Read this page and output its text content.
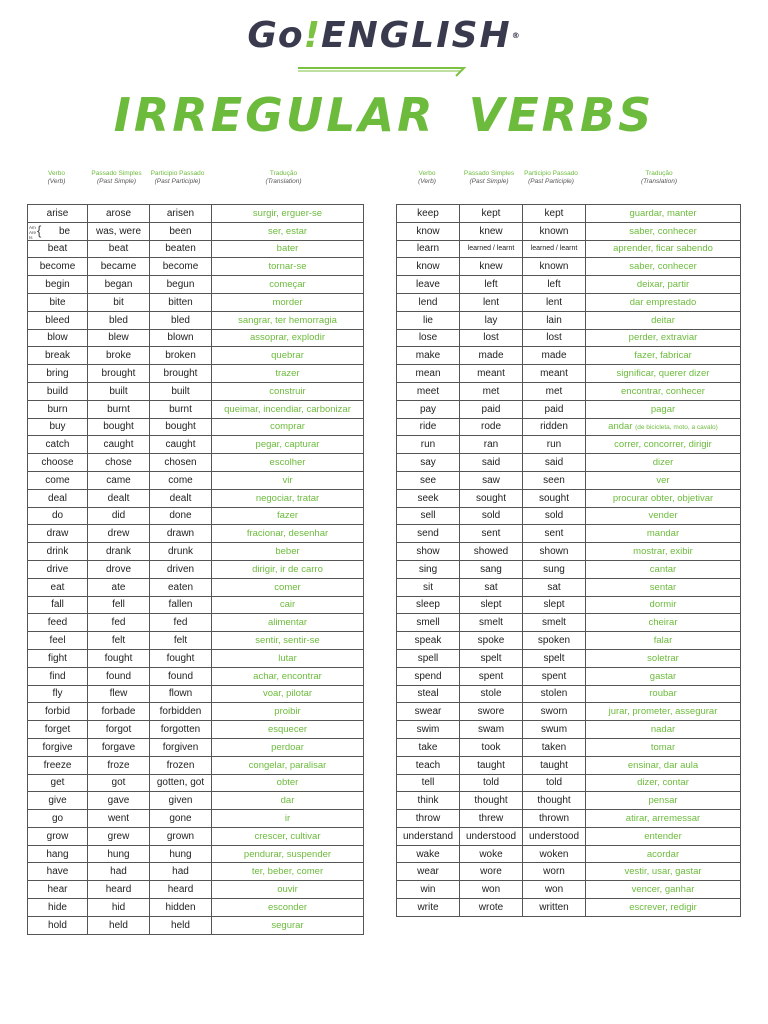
Go!ENGLISH®
IRREGULAR VERBS
Verbo
(Verb)
Passado Simples
(Past Simple)
Participio Passado
(Past Participle)
Tradução
(Translation)
arise	arose	arisen	surgir, erguer-se

Am
Are
Is { be	was, were	been	ser, estar
beat	beat	beaten	bater
become	became	become	tornar-se
begin	began	begun	começar
bite	bit	bitten	morder
bleed	bled	bled	sangrar, ter hemorragia
blow	blew	blown	assoprar, explodir
break	broke	broken	quebrar
bring	brought	brought	trazer
build	built	built	construir
burn	burnt	burnt	queimar, incendiar, carbonizar
buy	bought	bought	comprar
catch	caught	caught	pegar, capturar
choose	chose	chosen	escolher
come	came	come	vir
deal	dealt	dealt	negociar, tratar
do	did	done	fazer
draw	drew	drawn	fracionar, desenhar
drink	drank	drunk	beber
drive	drove	driven	dirigir, ir de carro
eat	ate	eaten	comer
fall	fell	fallen	cair
feed	fed	fed	alimentar
feel	felt	felt	sentir, sentir-se
fight	fought	fought	lutar
find	found	found	achar, encontrar
fly	flew	flown	voar, pilotar
forbid	forbade	forbidden	proibir
forget	forgot	forgotten	esquecer
forgive	forgave	forgiven	perdoar
freeze	froze	frozen	congelar, paralisar
get	got	gotten, got	obter
give	gave	given	dar
go	went	gone	ir
grow	grew	grown	crescer, cultivar
hang	hung	hung	pendurar, suspender
have	had	had	ter, beber, comer
hear	heard	heard	ouvir
hide	hid	hidden	esconder
hold	held	held	segurar
Verbo
(Verb)
Passado Simples
(Past Simple)
Participio Passado
(Past Participle)
Tradução
(Translation)
keep	kept	kept	guardar, manter
know	knew	known	saber, conhecer
learn	learned / learnt	learned / learnt	aprender, ficar sabendo
know	knew	known	saber, conhecer
leave	left	left	deixar, partir
lend	lent	lent	dar emprestado
lie	lay	lain	deitar
lose	lost	lost	perder, extraviar
make	made	made	fazer, fabricar
mean	meant	meant	significar, querer dizer
meet	met	met	encontrar, conhecer
pay	paid	paid	pagar
ride	rode	ridden	andar (de bicicleta, moto, a cavalo)
run	ran	run	correr, concorrer, dirigir
say	said	said	dizer
see	saw	seen	ver
seek	sought	sought	procurar obter, objetivar
sell	sold	sold	vender
send	sent	sent	mandar
show	showed	shown	mostrar, exibir
sing	sang	sung	cantar
sit	sat	sat	sentar
sleep	slept	slept	dormir
smell	smelt	smelt	cheirar
speak	spoke	spoken	falar
spell	spelt	spelt	soletrar
spend	spent	spent	gastar
steal	stole	stolen	roubar
swear	swore	sworn	jurar, prometer, assegurar
swim	swam	swum	nadar
take	took	taken	tomar
teach	taught	taught	ensinar, dar aula
tell	told	told	dizer, contar
think	thought	thought	pensar
throw	threw	thrown	atirar, arremessar
understand	understood	understood	entender
wake	woke	woken	acordar
wear	wore	worn	vestir, usar, gastar
win	won	won	vencer, ganhar
write	wrote	written	escrever, redigir
